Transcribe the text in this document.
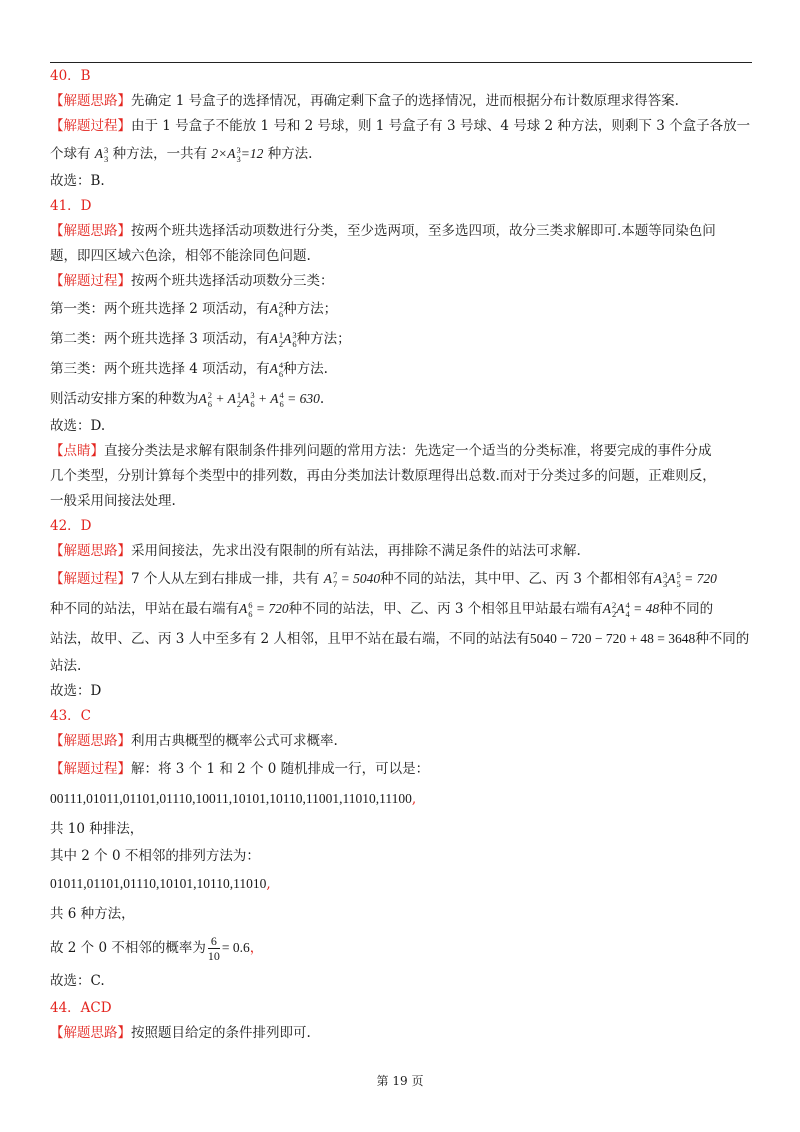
40．B
【解题思路】先确定 1 号盒子的选择情况，再确定剩下盒子的选择情况，进而根据分布计数原理求得答案.
【解题过程】由于 1 号盒子不能放 1 号和 2 号球，则 1 号盒子有 3 号球、4 号球 2 种方法，则剩下 3 个盒子各放一
个球有 A 3
3 种方法，一共有 2×A 3
3 =12 种方法.
故选：B.
41．D
【解题思路】按两个班共选择活动项数进行分类，至少选两项，至多选四项，故分三类求解即可.本题等同染色问
题，即四区域六色涂，相邻不能涂同色问题.
【解题过程】按两个班共选择活动项数分三类：
第一类：两个班共选择 2 项活动，有A 2
6 种方法；
第二类：两个班共选择 3 项活动，有A 1
2 A 3
6 种方法；
第三类：两个班共选择 4 项活动，有A 4
6 种方法.
则活动安排方案的种数为A 2
6 + A 1
2 A 3
6 + A 4
6 = 630.
故选：D.
【点睛】直接分类法是求解有限制条件排列问题的常用方法：先选定一个适当的分类标准，将要完成的事件分成
几个类型，分别计算每个类型中的排列数，再由分类加法计数原理得出总数.而对于分类过多的问题，正难则反，
一般采用间接法处理.
42．D
【解题思路】采用间接法，先求出没有限制的所有站法，再排除不满足条件的站法可求解.
【解题过程】7 个人从左到右排成一排，共有 A 7
7 = 5040种不同的站法，其中甲、乙、丙 3 个都相邻有A 3
3 A 5
5 = 720
种不同的站法，甲站在最右端有A 6
6 = 720种不同的站法，甲、乙、丙 3 个相邻且甲站最右端有A 2
2 A 4
4 = 48种不同的
站法，故甲、乙、丙 3 人中至多有 2 人相邻，且甲不站在最右端，不同的站法有5040 − 720 − 720 + 48 = 3648种不同的
站法.
故选：D
43．C
【解题思路】利用古典概型的概率公式可求概率.
【解题过程】解：将 3 个 1 和 2 个 0 随机排成一行，可以是：
00111,01011,01101,01110,10011,10101,10110,11001,11010,11100,
共 10 种排法，
其中 2 个 0 不相邻的排列方法为：
01011,01101,01110,10101,10110,11010,
共 6 种方法，
故 2 个 0 不相邻的概率为 $\frac{6}{10} = 0.6$，
故选：C.
44．ACD
【解题思路】按照题目给定的条件排列即可.
第 19 页
